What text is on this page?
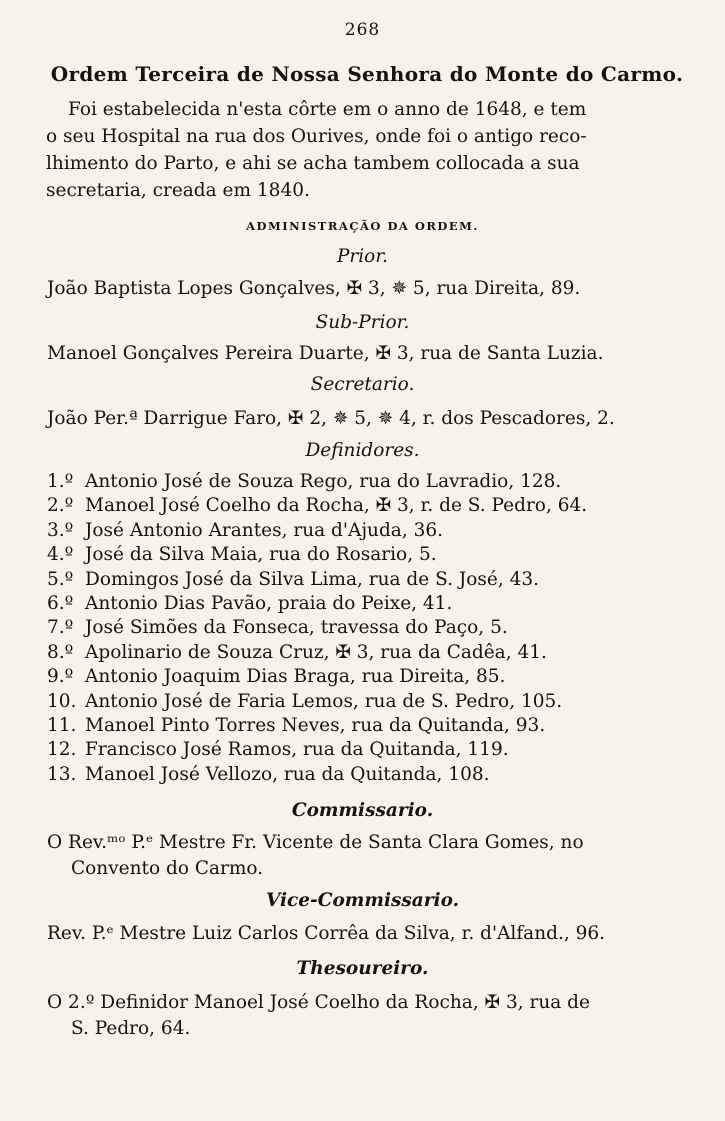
268
Ordem Terceira de Nossa Senhora do Monte do Carmo.
Foi estabelecida n'esta côrte em o anno de 1648, e tem
o seu Hospital na rua dos Ourives, onde foi o antigo reco-
lhimento do Parto, e ahi se acha tambem collocada a sua
secretaria, creada em 1840.
ADMINISTRAÇÃO DA ORDEM.
Prior.
João Baptista Lopes Gonçalves, ✠ 3, ✵ 5, rua Direita, 89.
Sub-Prior.
Manoel Gonçalves Pereira Duarte, ✠ 3, rua de Santa Luzia.
Secretario.
João Per.ª Darrigue Faro, ✠ 2, ✵ 5, ✵ 4, r. dos Pescadores, 2.
Definidores.
1.º Antonio José de Souza Rego, rua do Lavradio, 128.
2.º Manoel José Coelho da Rocha, ✠ 3, r. de S. Pedro, 64.
3.º José Antonio Arantes, rua d'Ajuda, 36.
4.º José da Silva Maia, rua do Rosario, 5.
5.º Domingos José da Silva Lima, rua de S. José, 43.
6.º Antonio Dias Pavão, praia do Peixe, 41.
7.º José Simões da Fonseca, travessa do Paço, 5.
8.º Apolinario de Souza Cruz, ✠ 3, rua da Cadêa, 41.
9.º Antonio Joaquim Dias Braga, rua Direita, 85.
10. Antonio José de Faria Lemos, rua de S. Pedro, 105.
11. Manoel Pinto Torres Neves, rua da Quitanda, 93.
12. Francisco José Ramos, rua da Quitanda, 119.
13. Manoel José Vellozo, rua da Quitanda, 108.
Commissario.
O Rev.ᵐᵒ P.ᵉ Mestre Fr. Vicente de Santa Clara Gomes, no
Convento do Carmo.
Vice-Commissario.
Rev. P.ᵉ Mestre Luiz Carlos Corrêa da Silva, r. d'Alfand., 96.
Thesoureiro.
O 2.º Definidor Manoel José Coelho da Rocha, ✠ 3, rua de
S. Pedro, 64.
